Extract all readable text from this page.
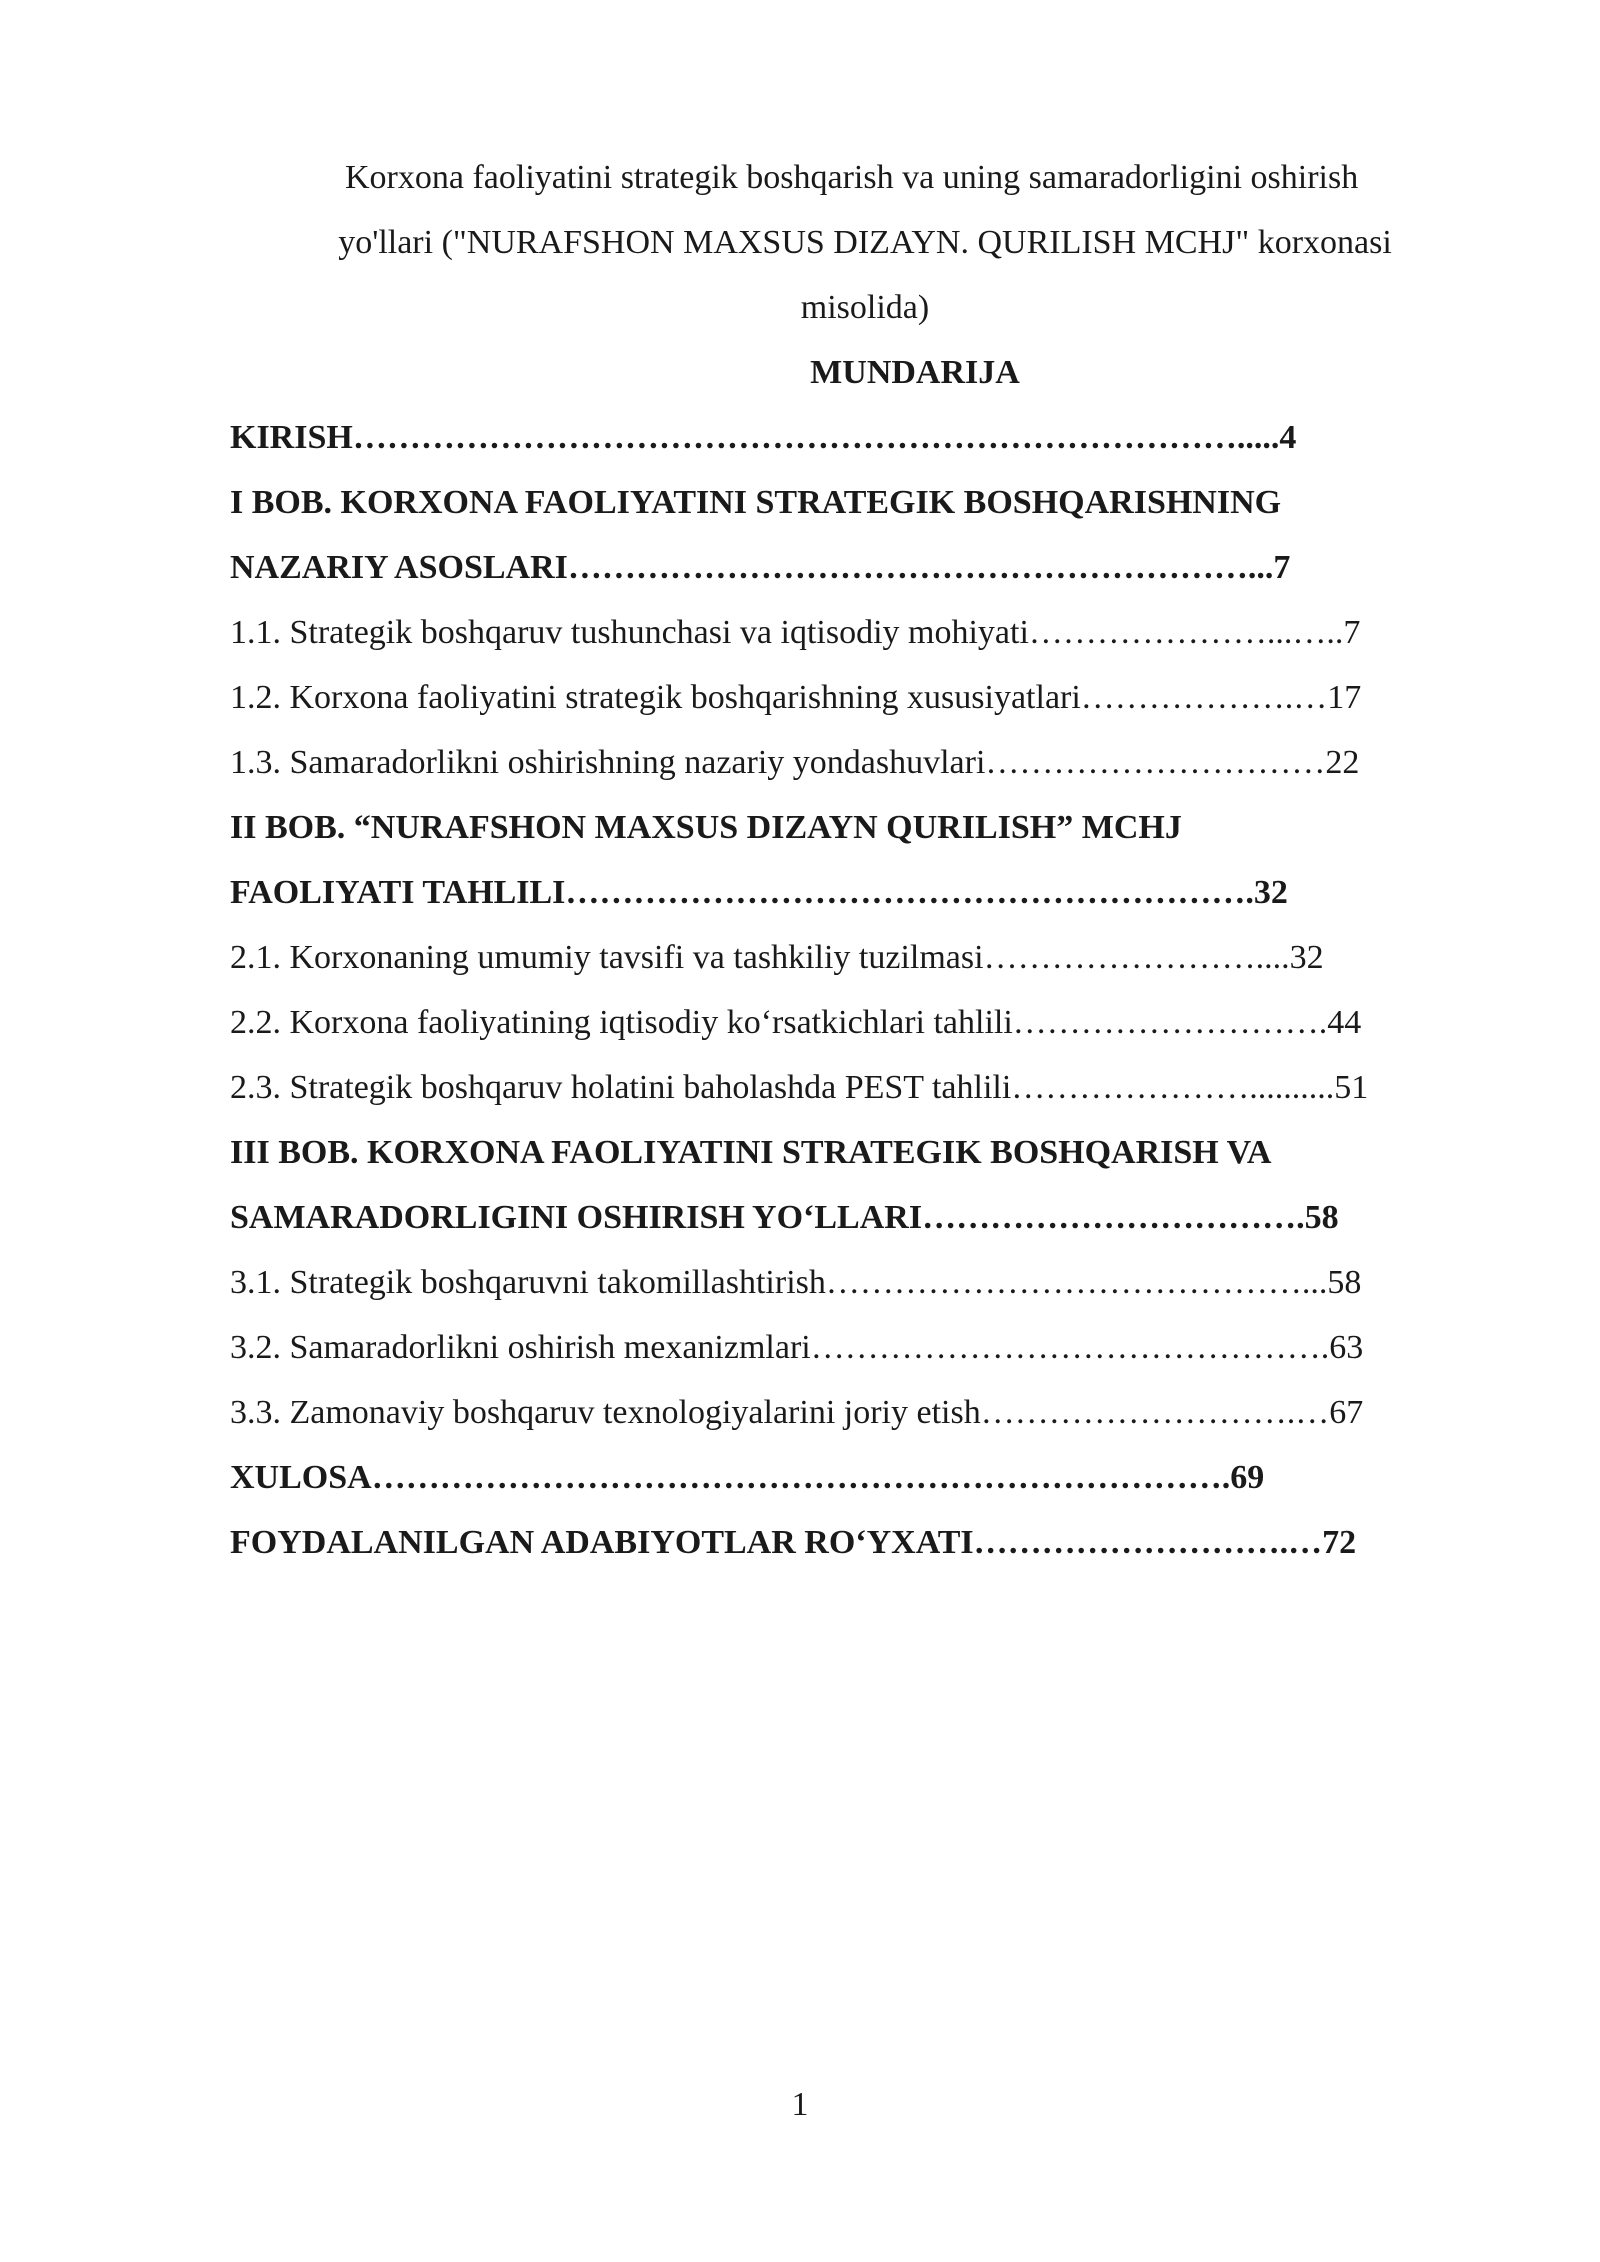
Korxona faoliyatini strategik boshqarish va uning samaradorligini oshirish
yo'llari ("NURAFSHON MAXSUS DIZAYN. QURILISH MCHJ" korxonasi
misolida)
MUNDARIJA
KIRISH…………………………………………………………………….....4
I BOB. KORXONA FAOLIYATINI STRATEGIK BOSHQARISHNING
NAZARIY ASOSLARI……………………………………………………...7
1.1. Strategik boshqaruv tushunchasi va iqtisodiy mohiyati…………………...…..7
1.2. Korxona faoliyatini strategik boshqarishning xususiyatlari……………….…17
1.3. Samaradorlikni oshirishning nazariy yondashuvlari…………………………22
II BOB. “NURAFSHON MAXSUS DIZAYN QURILISH” MCHJ
FAOLIYATI TAHLILI…………………………………………………….32
2.1. Korxonaning umumiy tavsifi va tashkiliy tuzilmasi……………………....32
2.2. Korxona faoliyatining iqtisodiy ko‘rsatkichlari tahlili……………………….44
2.3. Strategik boshqaruv holatini baholashda PEST tahlili…………………..........51
III BOB. KORXONA FAOLIYATINI STRATEGIK BOSHQARISH VA
SAMARADORLIGINI OSHIRISH YO‘LLARI…………………………….58
3.1. Strategik boshqaruvni takomillashtirish……………………………………...58
3.2. Samaradorlikni oshirish mexanizmlari……………………………………….63
3.3. Zamonaviy boshqaruv texnologiyalarini joriy etish……………………….…67
XULOSA………………………………………………………………….69
FOYDALANILGAN ADABIYOTLAR RO‘YXATI……………………….…72
1
